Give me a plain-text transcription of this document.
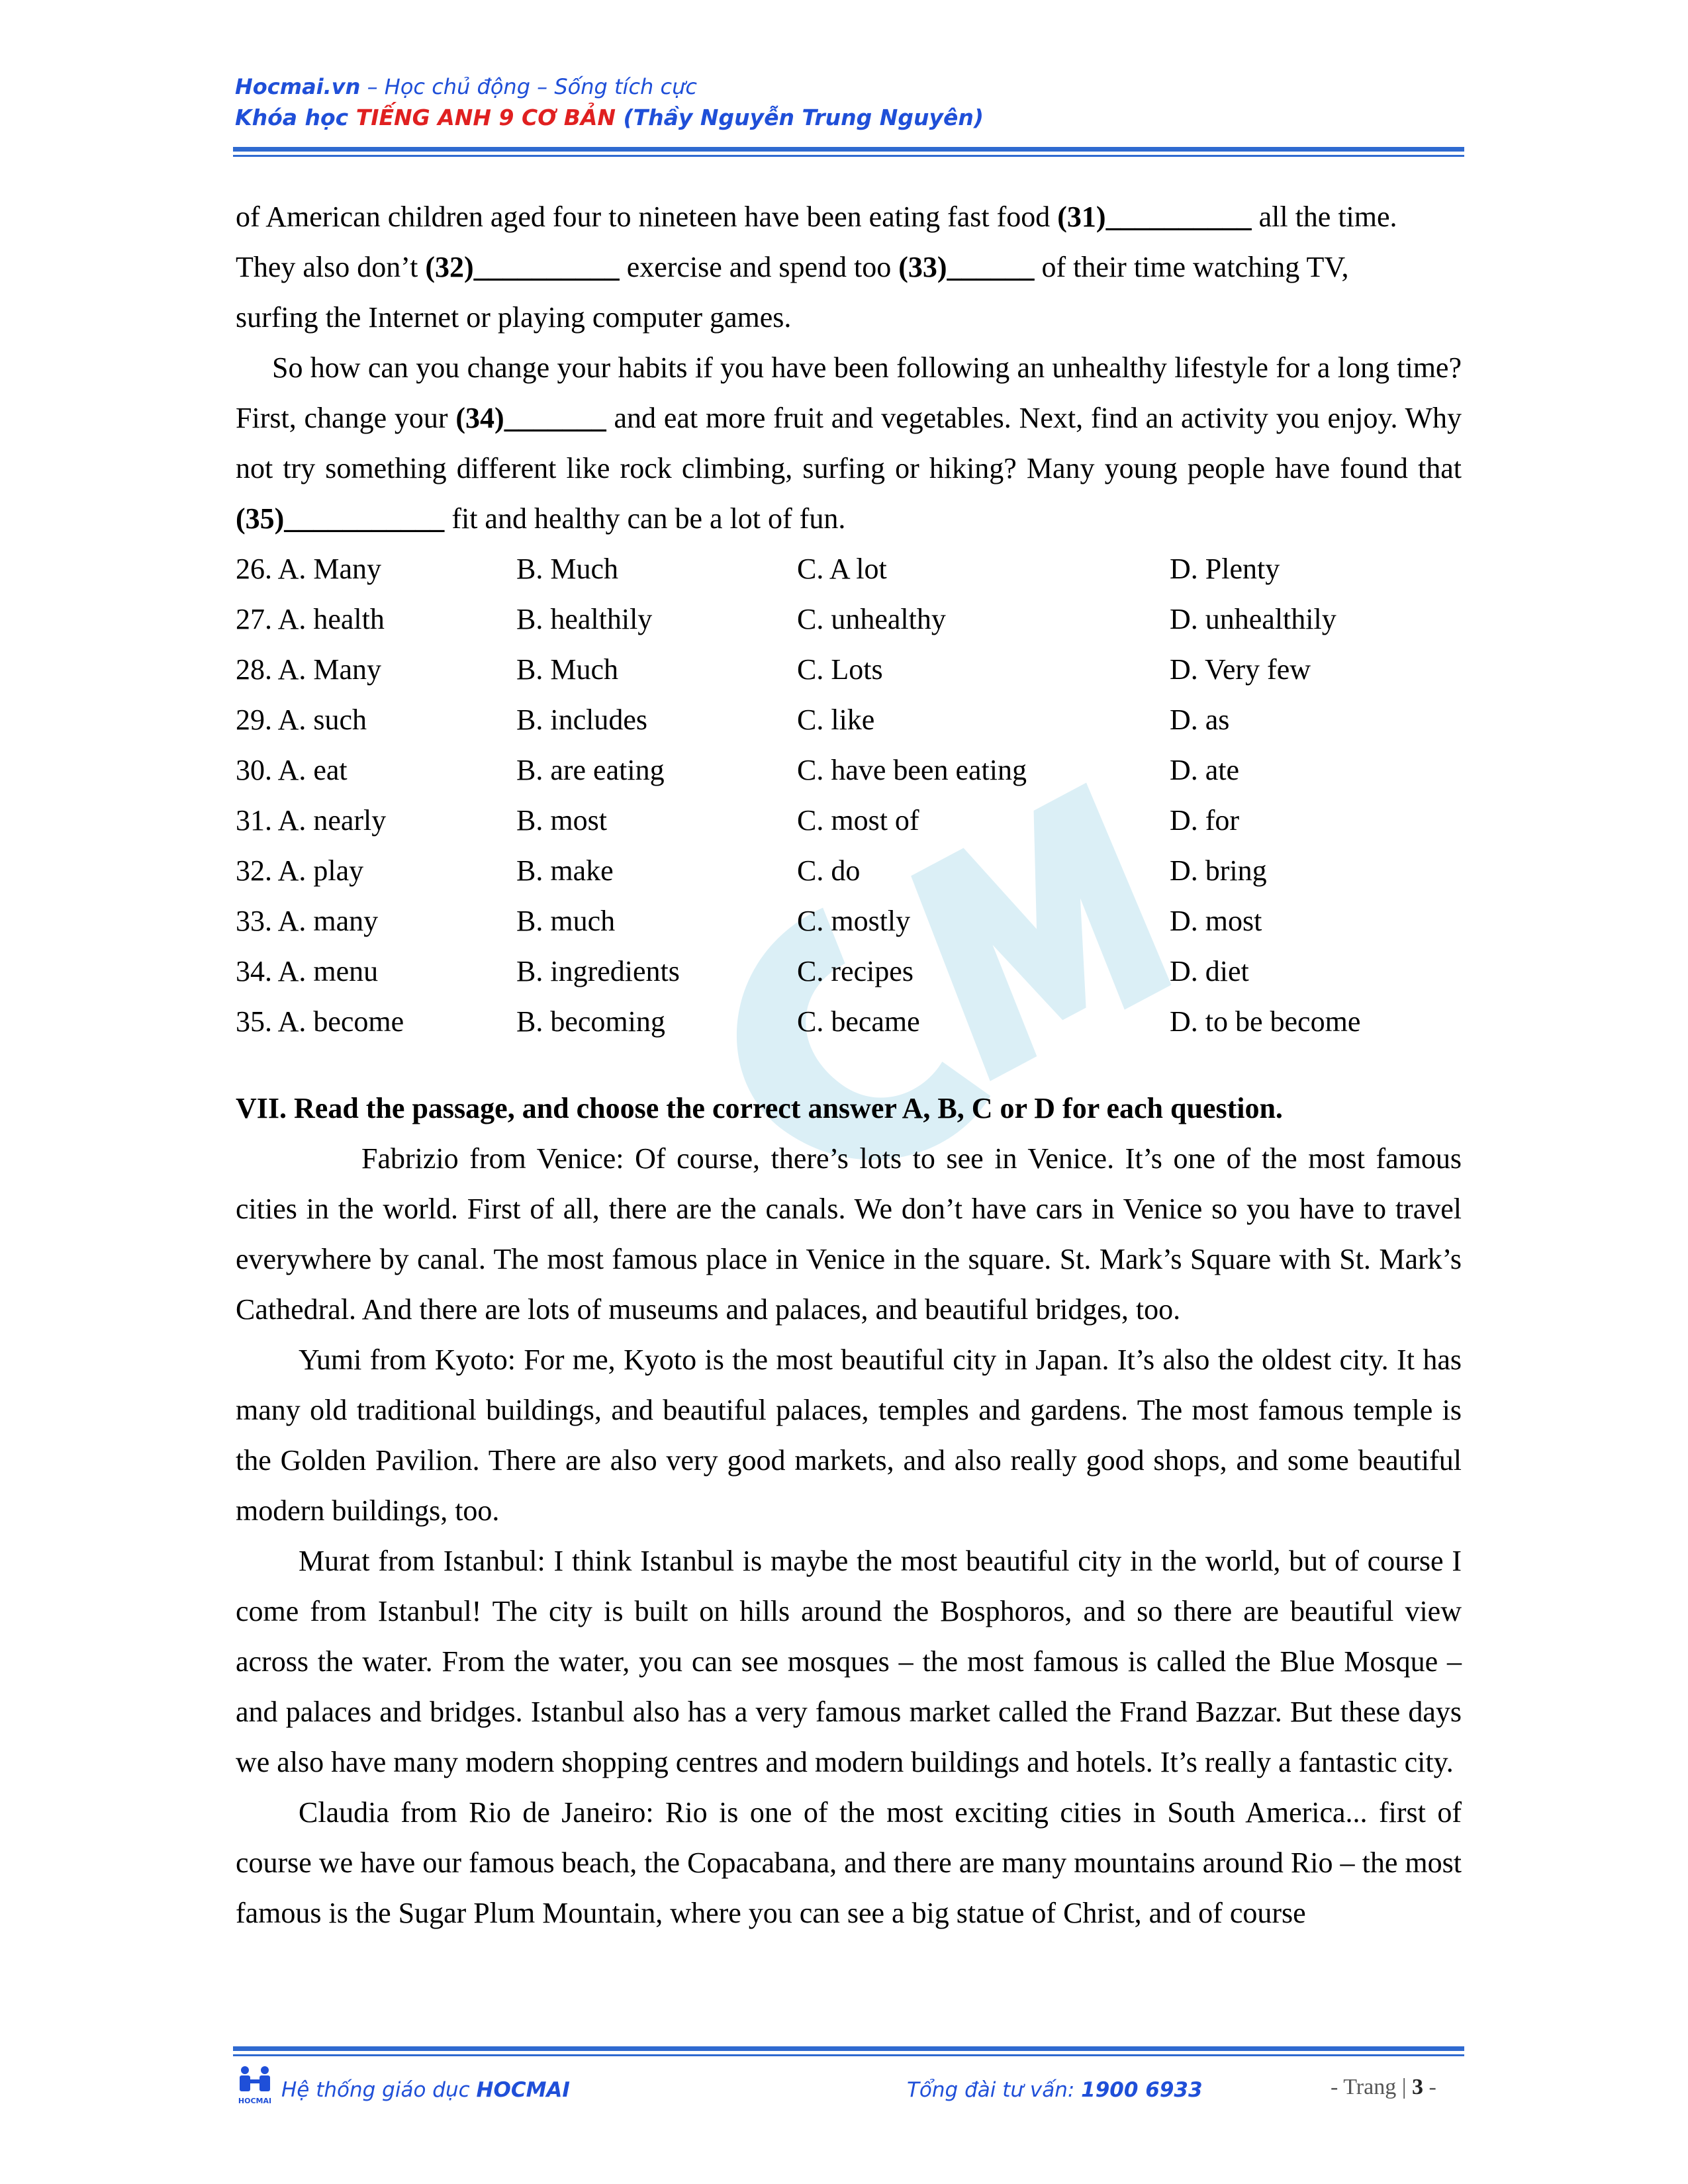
Hocmai.vn – Học chủ động – Sống tích cực
Khóa học TIẾNG ANH 9 CƠ BẢN (Thầy Nguyễn Trung Nguyên)

of American children aged four to nineteen have been eating fast food (31)__________ all the time.
They also don’t (32)__________ exercise and spend too (33)______ of their time watching TV,
surfing the Internet or playing computer games.

So how can you change your habits if you have been following an unhealthy lifestyle for a long time? First, change your (34)_______ and eat more fruit and vegetables. Next, find an activity you enjoy. Why not try something different like rock climbing, surfing or hiking? Many young people have found that (35)___________ fit and healthy can be a lot of fun.

26. A. Many	B. Much	C. A lot	D. Plenty
27. A. health	B. healthily	C. unhealthy	D. unhealthily
28. A. Many	B. Much	C. Lots	D. Very few
29. A. such	B. includes	C. like	D. as
30. A. eat	B. are eating	C. have been eating	D. ate
31. A. nearly	B. most	C. most of	D. for
32. A. play	B. make	C. do	D. bring
33. A. many	B. much	C. mostly	D. most
34. A. menu	B. ingredients	C. recipes	D. diet
35. A. become	B. becoming	C. became	D. to be become

VII. Read the passage, and choose the correct answer A, B, C or D for each question.

Fabrizio from Venice: Of course, there’s lots to see in Venice. It’s one of the most famous cities in the world. First of all, there are the canals. We don’t have cars in Venice so you have to travel everywhere by canal. The most famous place in Venice in the square. St. Mark’s Square with St. Mark’s Cathedral. And there are lots of museums and palaces, and beautiful bridges, too.

Yumi from Kyoto: For me, Kyoto is the most beautiful city in Japan. It’s also the oldest city. It has many old traditional buildings, and beautiful palaces, temples and gardens. The most famous temple is the Golden Pavilion. There are also very good markets, and also really good shops, and some beautiful modern buildings, too.

Murat from Istanbul: I think Istanbul is maybe the most beautiful city in the world, but of course I come from Istanbul! The city is built on hills around the Bosphoros, and so there are beautiful view across the water. From the water, you can see mosques – the most famous is called the Blue Mosque – and palaces and bridges. Istanbul also has a very famous market called the Frand Bazzar. But these days we also have many modern shopping centres and modern buildings and hotels. It’s really a fantastic city.

Claudia from Rio de Janeiro: Rio is one of the most exciting cities in South America... first of course we have our famous beach, the Copacabana, and there are many mountains around Rio – the most famous is the Sugar Plum Mountain, where you can see a big statue of Christ, and of course

HOCMAI Hệ thống giáo dục HOCMAI	Tổng đài tư vấn: 1900 6933	- Trang | 3 -
